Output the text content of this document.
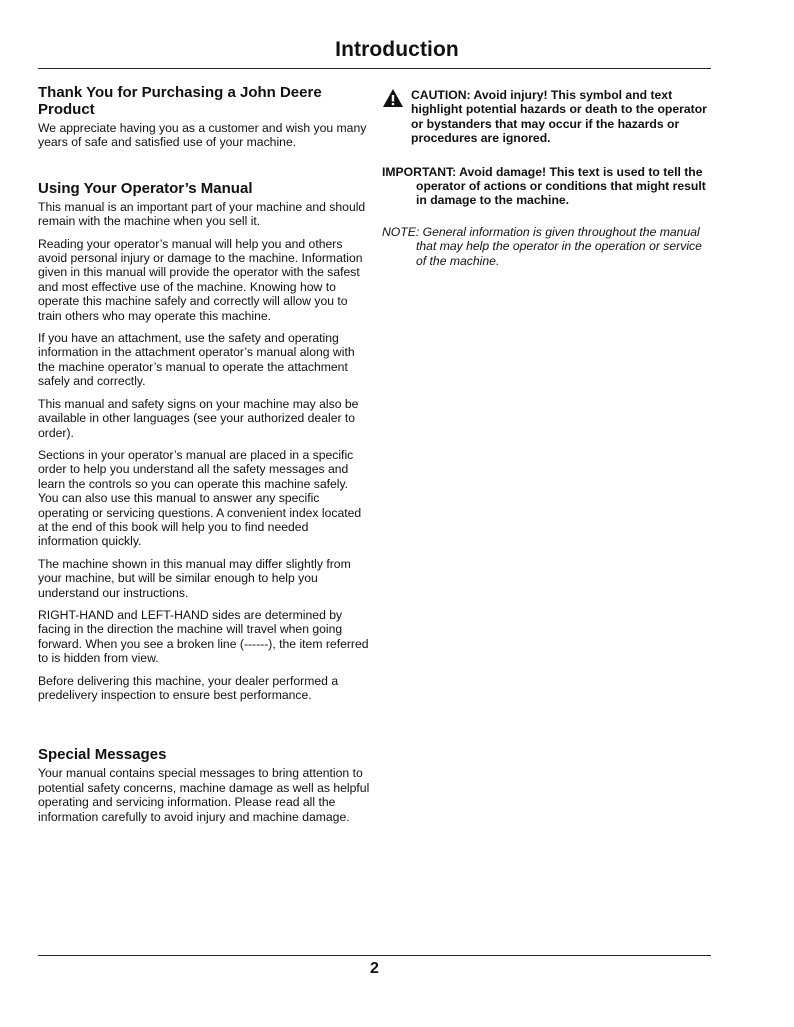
Introduction
Thank You for Purchasing a John Deere Product

We appreciate having you as a customer and wish you many years of safe and satisfied use of your machine.

Using Your Operator’s Manual

This manual is an important part of your machine and should remain with the machine when you sell it.

Reading your operator’s manual will help you and others avoid personal injury or damage to the machine. Information given in this manual will provide the operator with the safest and most effective use of the machine. Knowing how to operate this machine safely and correctly will allow you to train others who may operate this machine.

If you have an attachment, use the safety and operating information in the attachment operator’s manual along with the machine operator’s manual to operate the attachment safely and correctly.

This manual and safety signs on your machine may also be available in other languages (see your authorized dealer to order).

Sections in your operator’s manual are placed in a specific order to help you understand all the safety messages and learn the controls so you can operate this machine safely. You can also use this manual to answer any specific operating or servicing questions. A convenient index located at the end of this book will help you to find needed information quickly.

The machine shown in this manual may differ slightly from your machine, but will be similar enough to help you understand our instructions.

RIGHT-HAND and LEFT-HAND sides are determined by facing in the direction the machine will travel when going forward. When you see a broken line (------), the item referred to is hidden from view.

Before delivering this machine, your dealer performed a predelivery inspection to ensure best performance.

Special Messages

Your manual contains special messages to bring attention to potential safety concerns, machine damage as well as helpful operating and servicing information. Please read all the information carefully to avoid injury and machine damage.

CAUTION: Avoid injury! This symbol and text highlight potential hazards or death to the operator or bystanders that may occur if the hazards or procedures are ignored.

IMPORTANT: Avoid damage! This text is used to tell the operator of actions or conditions that might result in damage to the machine.

NOTE: General information is given throughout the manual that may help the operator in the operation or service of the machine.

2
